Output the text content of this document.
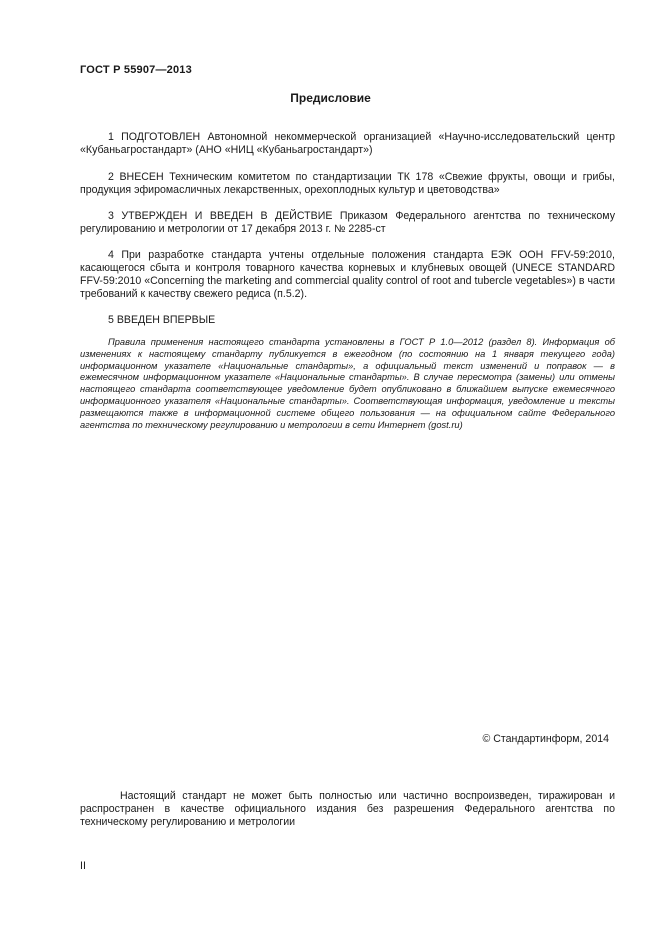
ГОСТ Р 55907—2013
Предисловие
1 ПОДГОТОВЛЕН Автономной некоммерческой организацией «Научно-исследовательский центр «Кубаньагростандарт» (АНО «НИЦ «Кубаньагростандарт»)
2 ВНЕСЕН Техническим комитетом по стандартизации ТК 178 «Свежие фрукты, овощи и грибы, продукция эфиромасличных лекарственных, орехоплодных культур и цветоводства»
3 УТВЕРЖДЕН И ВВЕДЕН В ДЕЙСТВИЕ Приказом Федерального агентства по техническому регулированию и метрологии от 17 декабря 2013 г. № 2285-ст
4 При разработке стандарта учтены отдельные положения стандарта ЕЭК ООН FFV-59:2010, касающегося сбыта и контроля товарного качества корневых и клубневых овощей (UNECE STANDARD FFV-59:2010 «Concerning the marketing and commercial quality control of root and tubercle vegetables») в части требований к качеству свежего редиса (п.5.2).
5 ВВЕДЕН ВПЕРВЫЕ
Правила применения настоящего стандарта установлены в ГОСТ Р 1.0—2012 (раздел 8). Информация об изменениях к настоящему стандарту публикуется в ежегодном (по состоянию на 1 января текущего года) информационном указателе «Национальные стандарты», а официальный текст изменений и поправок — в ежемесячном информационном указателе «Национальные стандарты». В случае пересмотра (замены) или отмены настоящего стандарта соответствующее уведомление будет опубликовано в ближайшем выпуске ежемесячного информационного указателя «Национальные стандарты». Соответствующая информация, уведомление и тексты размещаются также в информационной системе общего пользования — на официальном сайте Федерального агентства по техническому регулированию и метрологии в сети Интернет (gost.ru)
© Стандартинформ, 2014
Настоящий стандарт не может быть полностью или частично воспроизведен, тиражирован и распространен в качестве официального издания без разрешения Федерального агентства по техническому регулированию и метрологии
II
